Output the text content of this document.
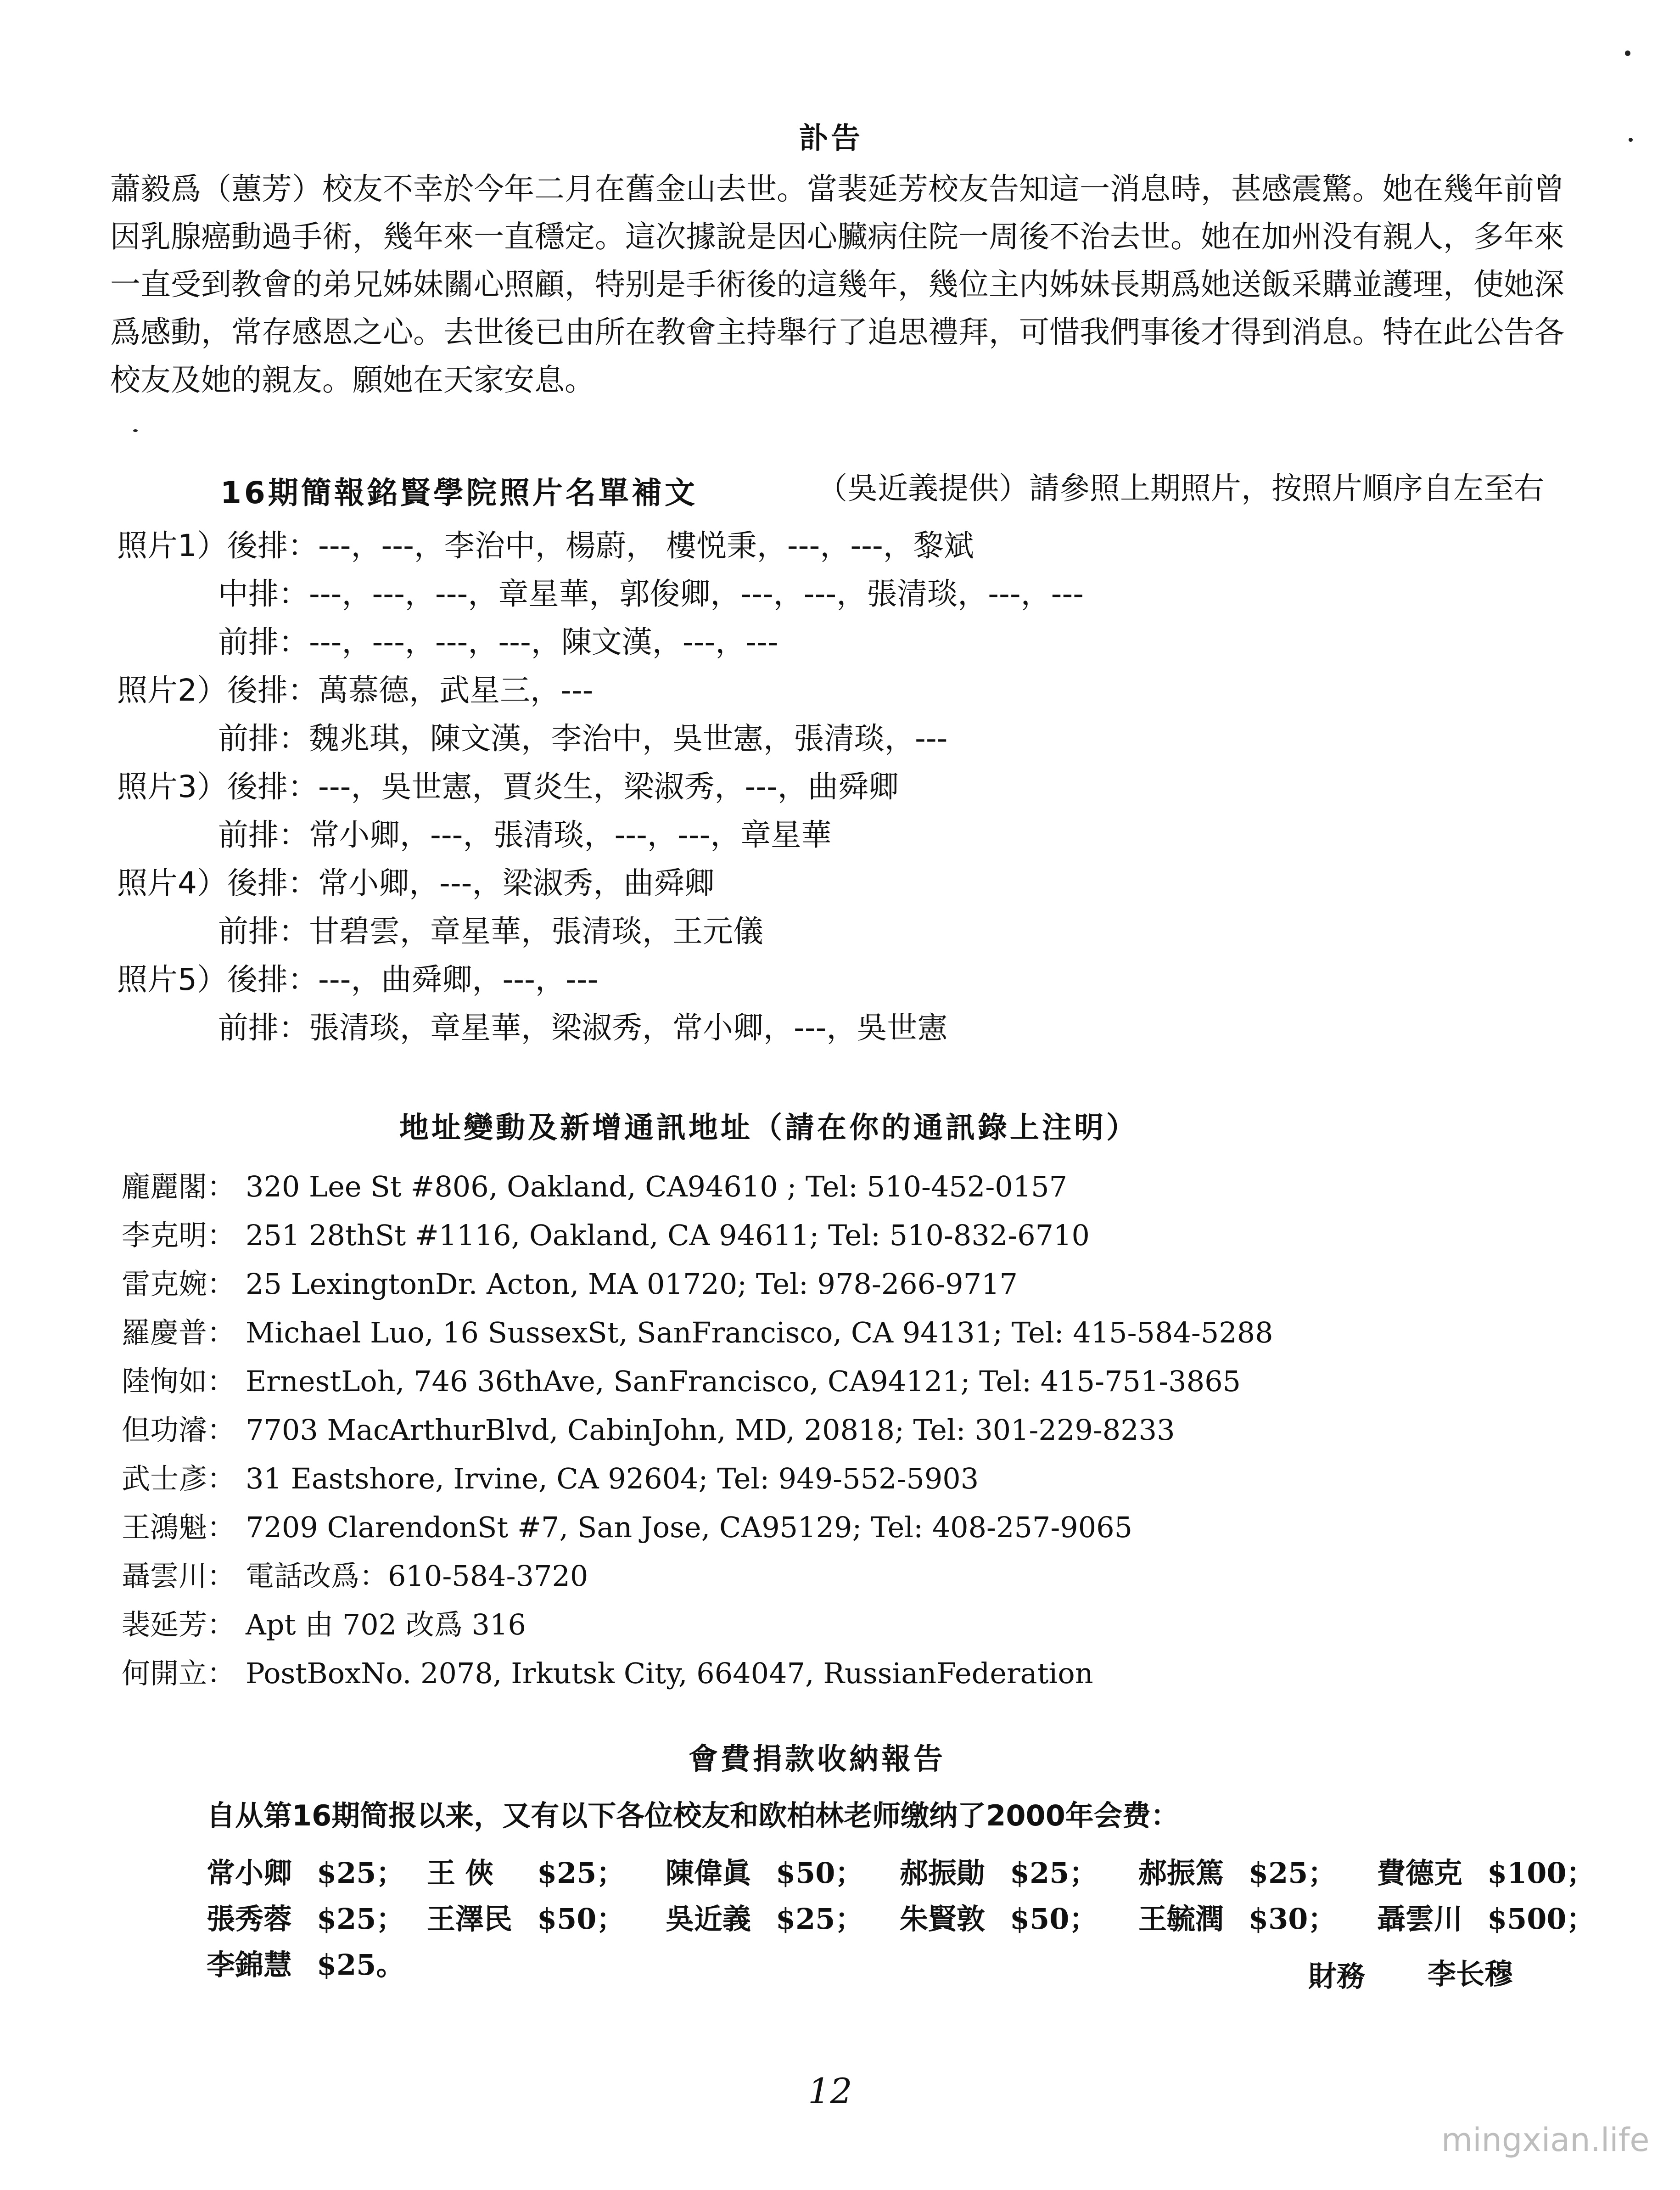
訃告

蕭毅爲（蕙芳）校友不幸於今年二月在舊金山去世。當裴延芳校友告知這一消息時，甚感震驚。她在幾年前曾因乳腺癌動過手術，幾年來一直穩定。這次據說是因心臟病住院一周後不治去世。她在加州没有親人，多年來一直受到教會的弟兄姊妹關心照顧，特别是手術後的這幾年，幾位主内姊妹長期爲她送飯采購並護理，使她深爲感動，常存感恩之心。去世後已由所在教會主持舉行了追思禮拜，可惜我們事後才得到消息。特在此公告各校友及她的親友。願她在天家安息。

16期簡報銘賢學院照片名單補文	（吳近義提供）請參照上期照片，按照片順序自左至右
照片1）後排：---，---，李治中，楊蔚， 樓悦秉，---，---，黎斌
中排：---，---，---，章星華，郭俊卿，---，---，張清琰，---，---
前排：---，---，---，---，陳文漢，---，---
照片2）後排：萬慕德，武星三，---
前排：魏兆琪，陳文漢，李治中，吳世憲，張清琰，---
照片3）後排：---，吳世憲，賈炎生，梁淑秀，---，曲舜卿
前排：常小卿，---，張清琰，---，---，章星華
照片4）後排：常小卿，---，梁淑秀，曲舜卿
前排：甘碧雲，章星華，張清琰，王元儀
照片5）後排：---，曲舜卿，---，---
前排：張清琰，章星華，梁淑秀，常小卿，---，吳世憲
地址變動及新增通訊地址（請在你的通訊錄上注明）
龐麗閣： 320 Lee St #806, Oakland, CA94610 ; Tel: 510-452-0157
李克明： 251 28thSt #1116, Oakland, CA 94611; Tel: 510-832-6710
雷克婉： 25 LexingtonDr. Acton, MA 01720; Tel: 978-266-9717
羅慶普： Michael Luo, 16 SussexSt, SanFrancisco, CA 94131; Tel: 415-584-5288
陸恂如： ErnestLoh, 746 36thAve, SanFrancisco, CA94121; Tel: 415-751-3865
但功濬： 7703 MacArthurBlvd, CabinJohn, MD, 20818; Tel: 301-229-8233
武士彥： 31 Eastshore, Irvine, CA 92604; Tel: 949-552-5903
王鴻魁： 7209 ClarendonSt #7, San Jose, CA95129; Tel: 408-257-9065
聶雲川： 電話改爲：610-584-3720
裴延芳： Apt 由 702 改爲 316
何開立： PostBoxNo. 2078, Irkutsk City, 664047, RussianFederation
會費捐款收納報告
自从第16期简报以来，又有以下各位校友和欧柏林老师缴纳了2000年会费：
常小卿 $25； 王 俠 $25； 陳偉眞 $50； 郝振勛 $25； 郝振篤 $25； 費德克 $100；
張秀蓉 $25； 王澤民 $50； 吳近義 $25； 朱賢敦 $50； 王毓潤 $30； 聶雲川 $500；
李錦慧 $25。	財務 李长穆
12
mingxian.life
